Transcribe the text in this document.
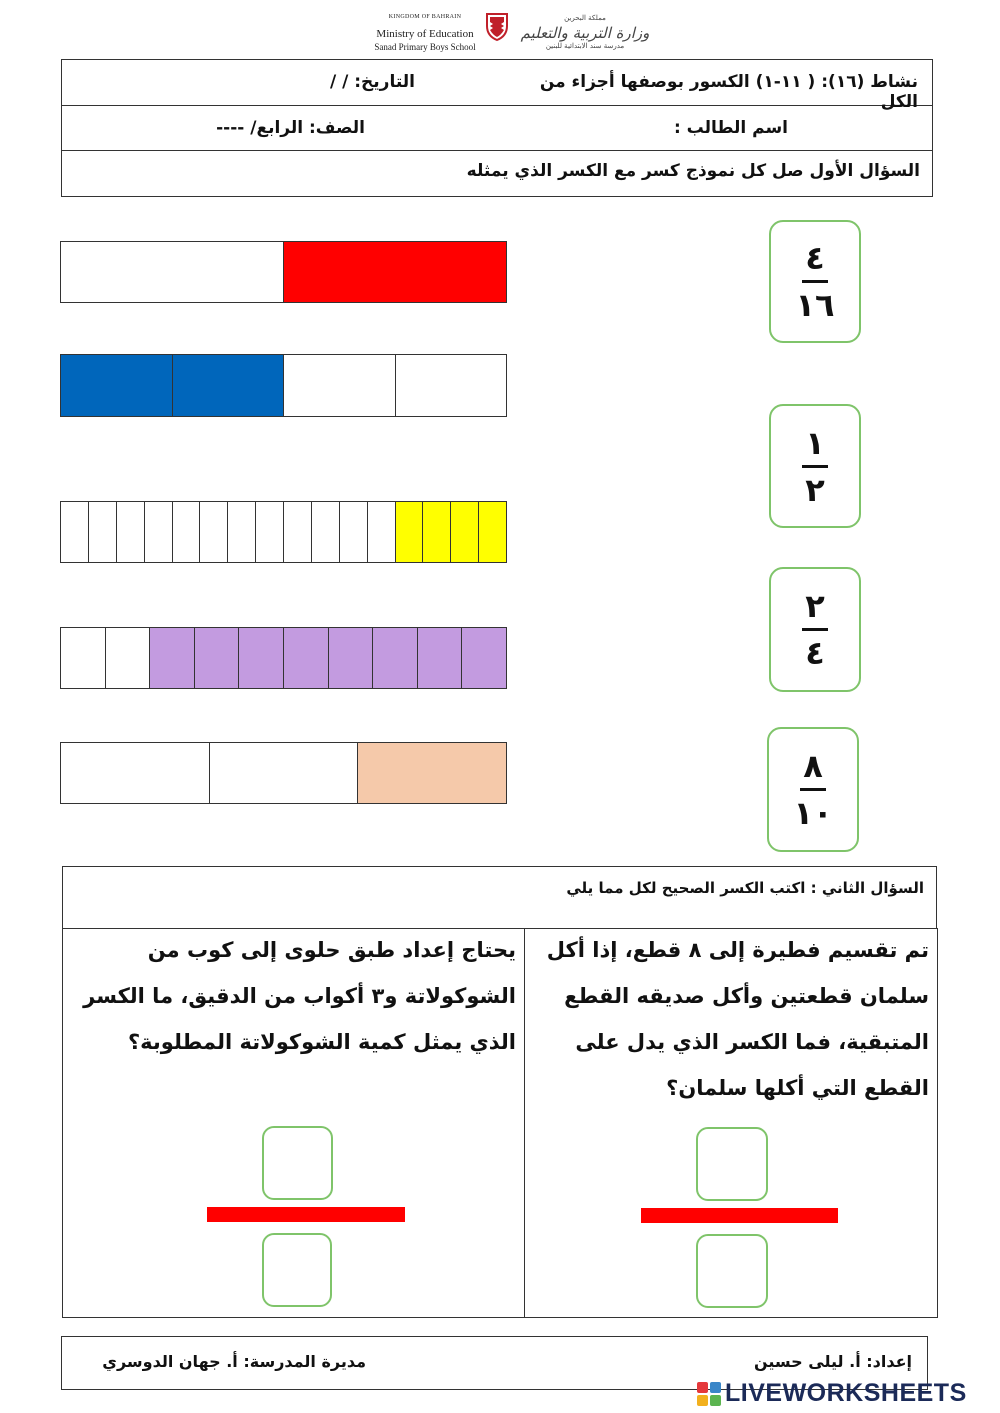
KINGDOM OF BAHRAIN
Ministry of Education
Sanad Primary Boys School
مملكة البحرين
وزارة التربية والتعليم
مدرسة سند الابتدائية للبنين
نشاط (١٦): ( ١١-١) الكسور بوصفها أجزاء من الكل
التاريخ: / /
اسم الطالب :
الصف: الرابع/ ----
السؤال الأول صل كل نموذج كسر مع الكسر الذي يمثله
٤
١٦
١
٢
٢
٤
٨
١٠
السؤال الثاني : اكتب الكسر الصحيح لكل مما يلي
تم تقسيم فطيرة إلى ٨ قطع، إذا أكل سلمان قطعتين وأكل صديقه القطع المتبقية، فما الكسر الذي يدل على القطع التي أكلها سلمان؟
يحتاج إعداد طبق حلوى إلى كوب من الشوكولاتة و٣ أكواب من الدقيق، ما الكسر الذي يمثل كمية الشوكولاتة المطلوبة؟
إعداد: أ. ليلى حسين
مديرة المدرسة: أ. جهان الدوسري
LIVEWORKSHEETS
